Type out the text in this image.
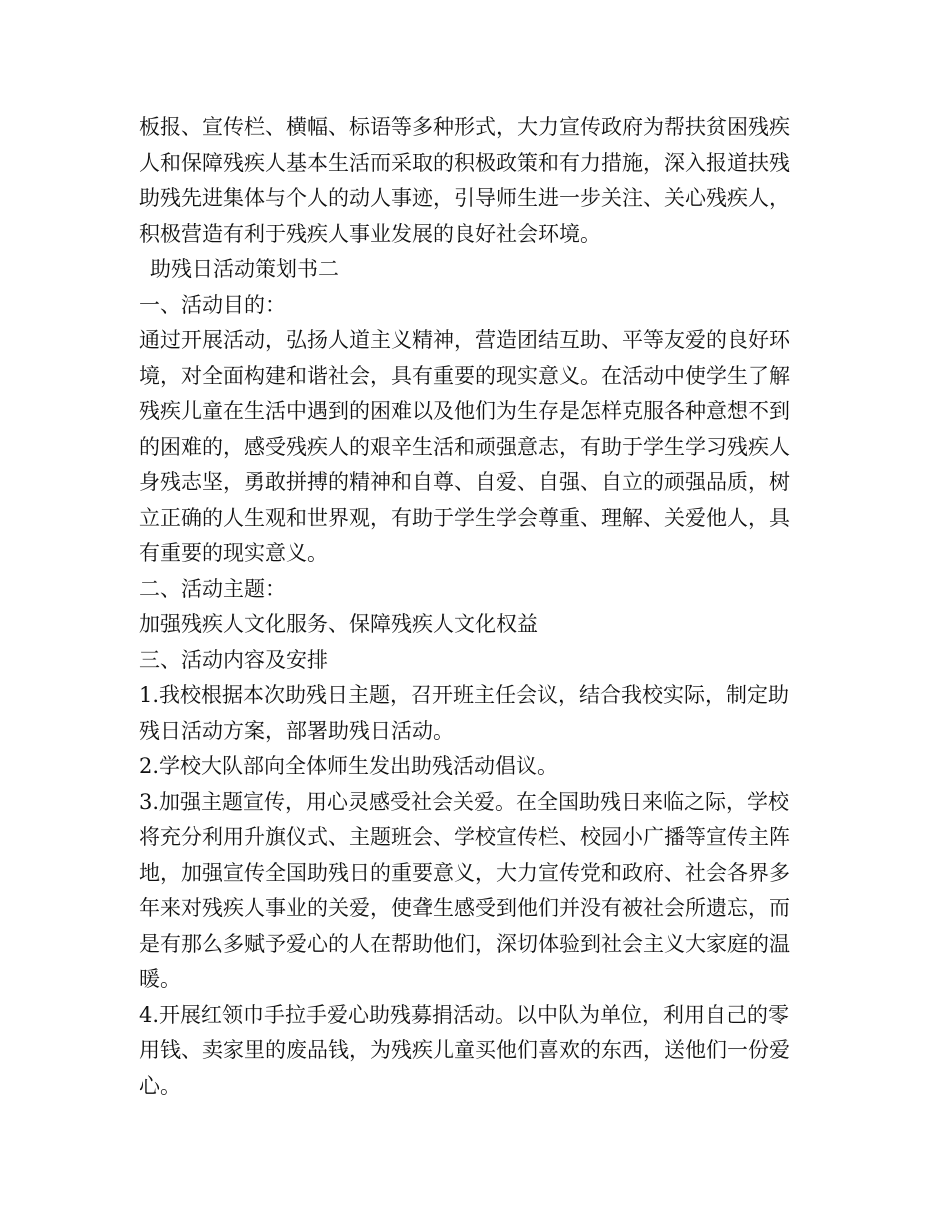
板报、宣传栏、横幅、标语等多种形式，大力宣传政府为帮扶贫困残疾
人和保障残疾人基本生活而采取的积极政策和有力措施，深入报道扶残
助残先进集体与个人的动人事迹，引导师生进一步关注、关心残疾人，
积极营造有利于残疾人事业发展的良好社会环境。
助残日活动策划书二
一、活动目的：
通过开展活动，弘扬人道主义精神，营造团结互助、平等友爱的良好环
境，对全面构建和谐社会，具有重要的现实意义。在活动中使学生了解
残疾儿童在生活中遇到的困难以及他们为生存是怎样克服各种意想不到
的困难的，感受残疾人的艰辛生活和顽强意志，有助于学生学习残疾人
身残志坚，勇敢拼搏的精神和自尊、自爱、自强、自立的顽强品质，树
立正确的人生观和世界观，有助于学生学会尊重、理解、关爱他人，具
有重要的现实意义。
二、活动主题：
加强残疾人文化服务、保障残疾人文化权益
三、活动内容及安排
1.我校根据本次助残日主题，召开班主任会议，结合我校实际，制定助
残日活动方案，部署助残日活动。
2.学校大队部向全体师生发出助残活动倡议。
3.加强主题宣传，用心灵感受社会关爱。在全国助残日来临之际，学校
将充分利用升旗仪式、主题班会、学校宣传栏、校园小广播等宣传主阵
地，加强宣传全国助残日的重要意义，大力宣传党和政府、社会各界多
年来对残疾人事业的关爱，使聋生感受到他们并没有被社会所遗忘，而
是有那么多赋予爱心的人在帮助他们，深切体验到社会主义大家庭的温
暖。
4.开展红领巾手拉手爱心助残募捐活动。以中队为单位，利用自己的零
用钱、卖家里的废品钱，为残疾儿童买他们喜欢的东西，送他们一份爱
心。
